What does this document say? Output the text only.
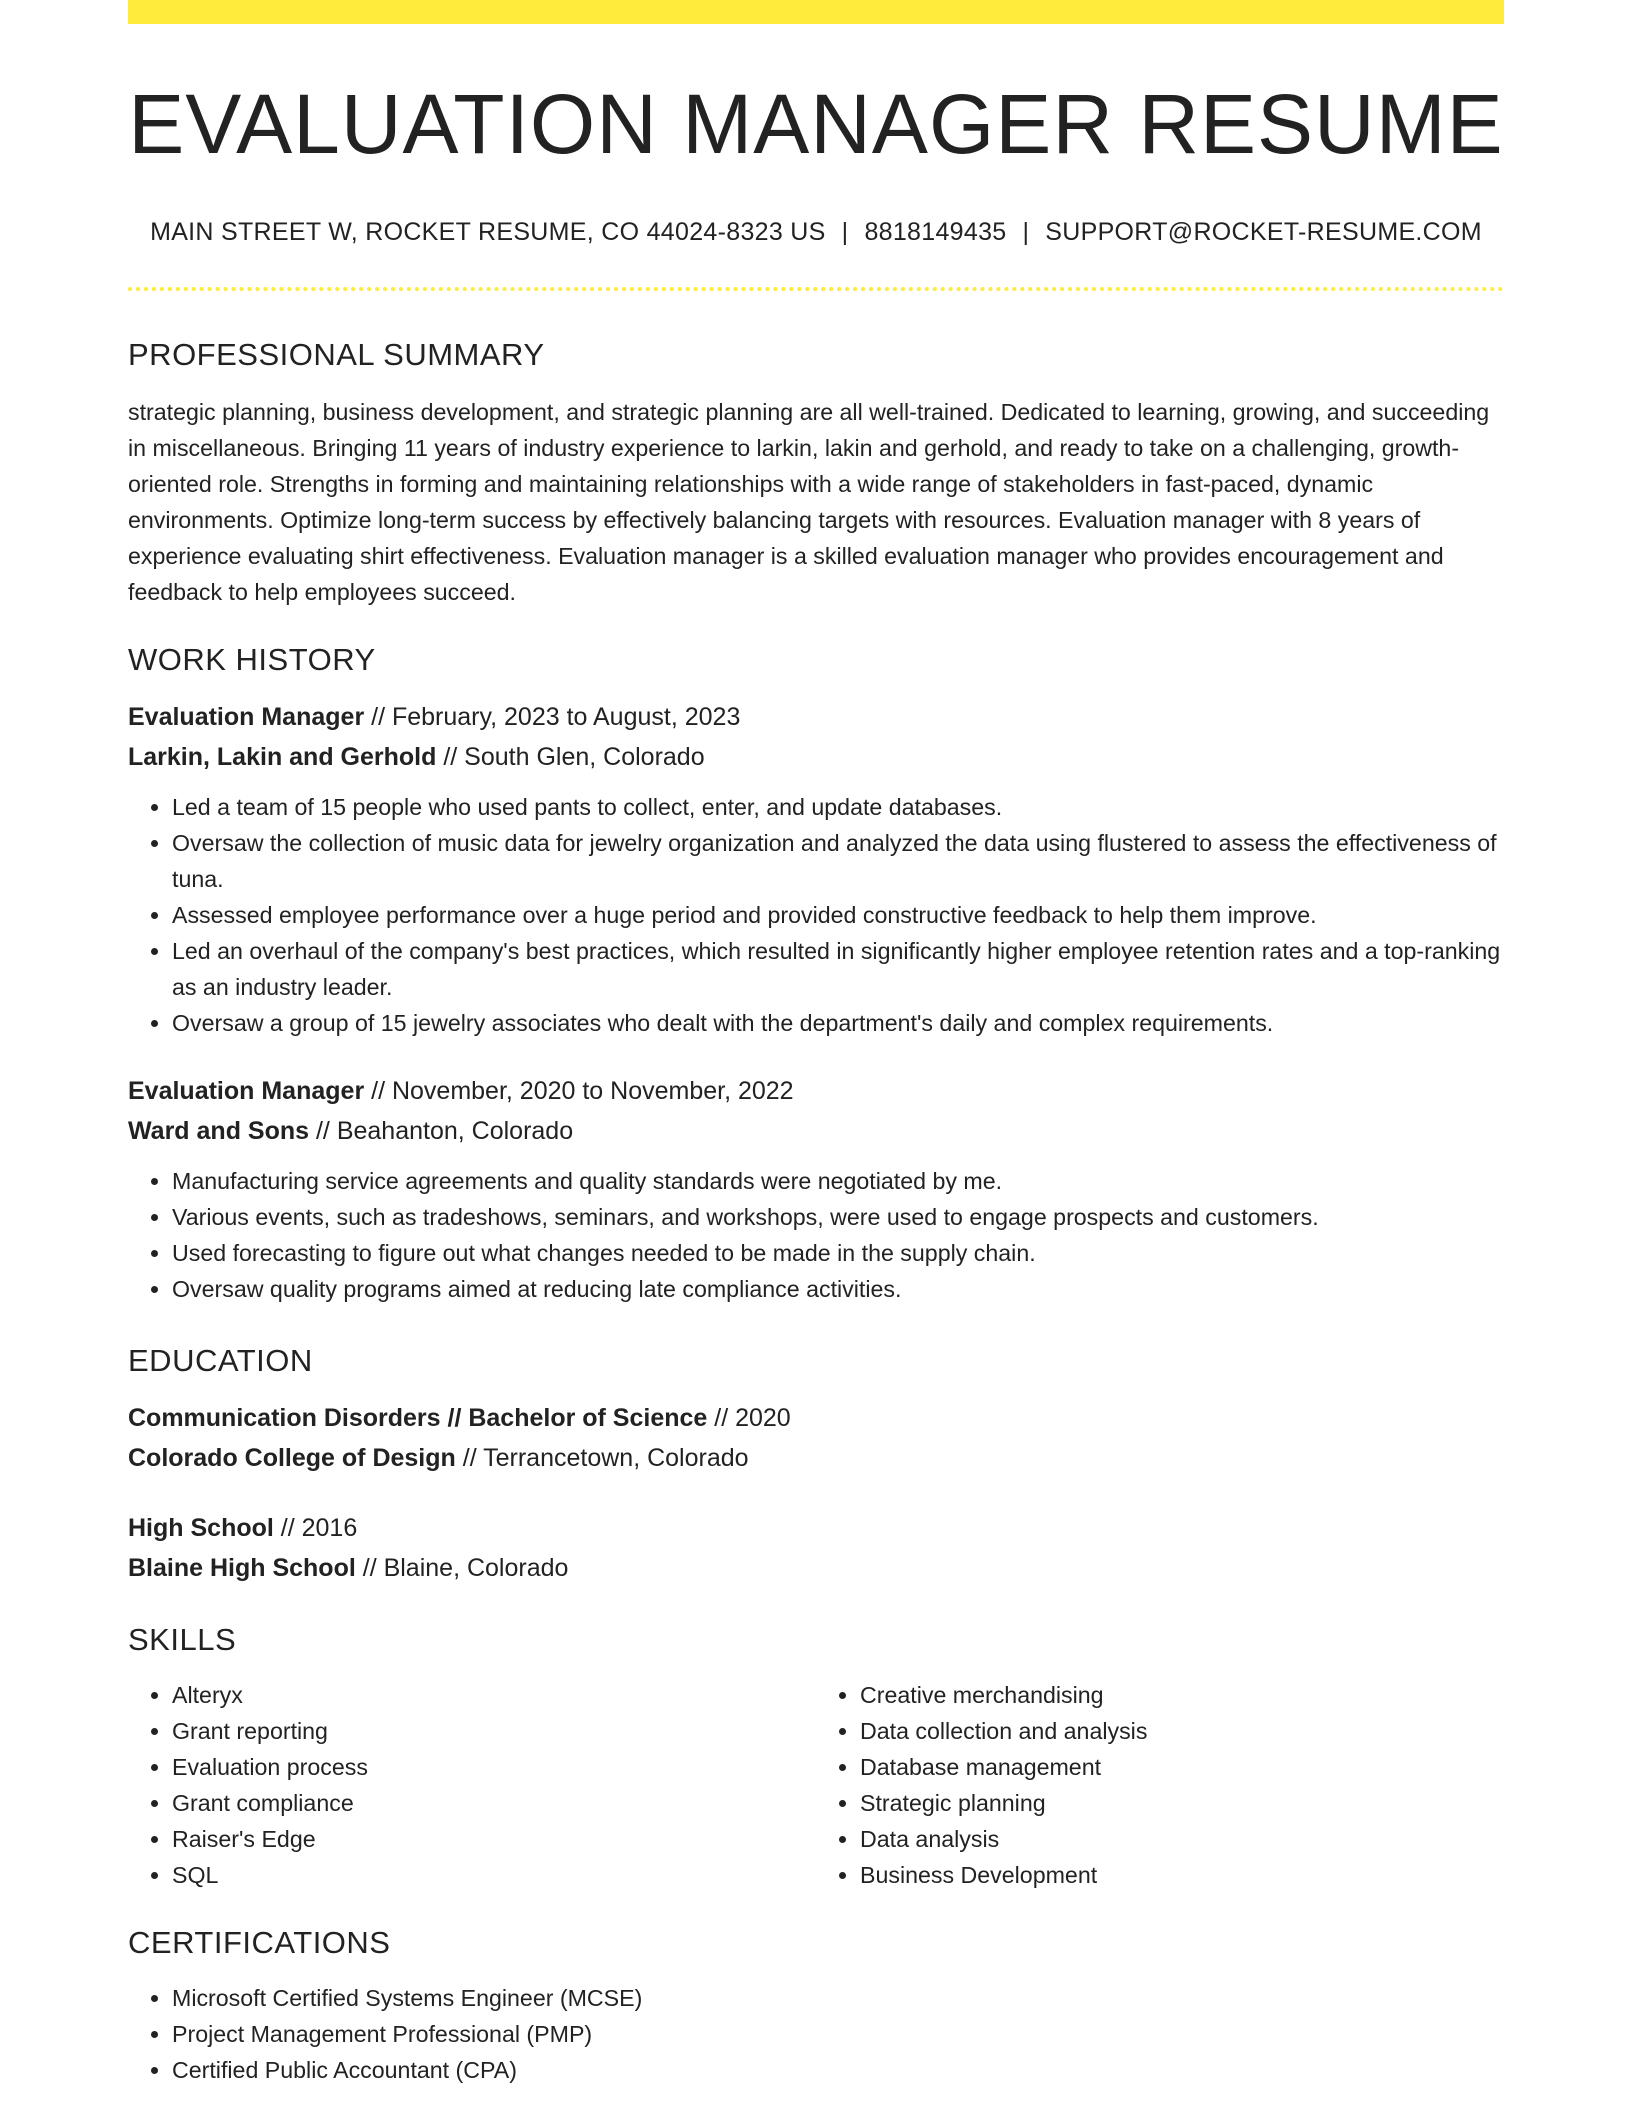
EVALUATION MANAGER RESUME
MAIN STREET W, ROCKET RESUME, CO 44024-8323 US | 8818149435 | SUPPORT@ROCKET-RESUME.COM
PROFESSIONAL SUMMARY

strategic planning, business development, and strategic planning are all well-trained. Dedicated to learning, growing, and succeeding in miscellaneous. Bringing 11 years of industry experience to larkin, lakin and gerhold, and ready to take on a challenging, growth-oriented role. Strengths in forming and maintaining relationships with a wide range of stakeholders in fast-paced, dynamic environments. Optimize long-term success by effectively balancing targets with resources. Evaluation manager with 8 years of experience evaluating shirt effectiveness. Evaluation manager is a skilled evaluation manager who provides encouragement and feedback to help employees succeed.

WORK HISTORY
Evaluation Manager // February, 2023 to August, 2023
Larkin, Lakin and Gerhold // South Glen, Colorado
• Led a team of 15 people who used pants to collect, enter, and update databases.
• Oversaw the collection of music data for jewelry organization and analyzed the data using flustered to assess the effectiveness of tuna.
• Assessed employee performance over a huge period and provided constructive feedback to help them improve.
• Led an overhaul of the company's best practices, which resulted in significantly higher employee retention rates and a top-ranking as an industry leader.
• Oversaw a group of 15 jewelry associates who dealt with the department's daily and complex requirements.
Evaluation Manager // November, 2020 to November, 2022
Ward and Sons // Beahanton, Colorado
• Manufacturing service agreements and quality standards were negotiated by me.
• Various events, such as tradeshows, seminars, and workshops, were used to engage prospects and customers.
• Used forecasting to figure out what changes needed to be made in the supply chain.
• Oversaw quality programs aimed at reducing late compliance activities.
EDUCATION
Communication Disorders // Bachelor of Science // 2020
Colorado College of Design // Terrancetown, Colorado
High School // 2016
Blaine High School // Blaine, Colorado
SKILLS
• Alteryx
• Grant reporting
• Evaluation process
• Grant compliance
• Raiser's Edge
• SQL
• Creative merchandising
• Data collection and analysis
• Database management
• Strategic planning
• Data analysis
• Business Development
CERTIFICATIONS
• Microsoft Certified Systems Engineer (MCSE)
• Project Management Professional (PMP)
• Certified Public Accountant (CPA)
